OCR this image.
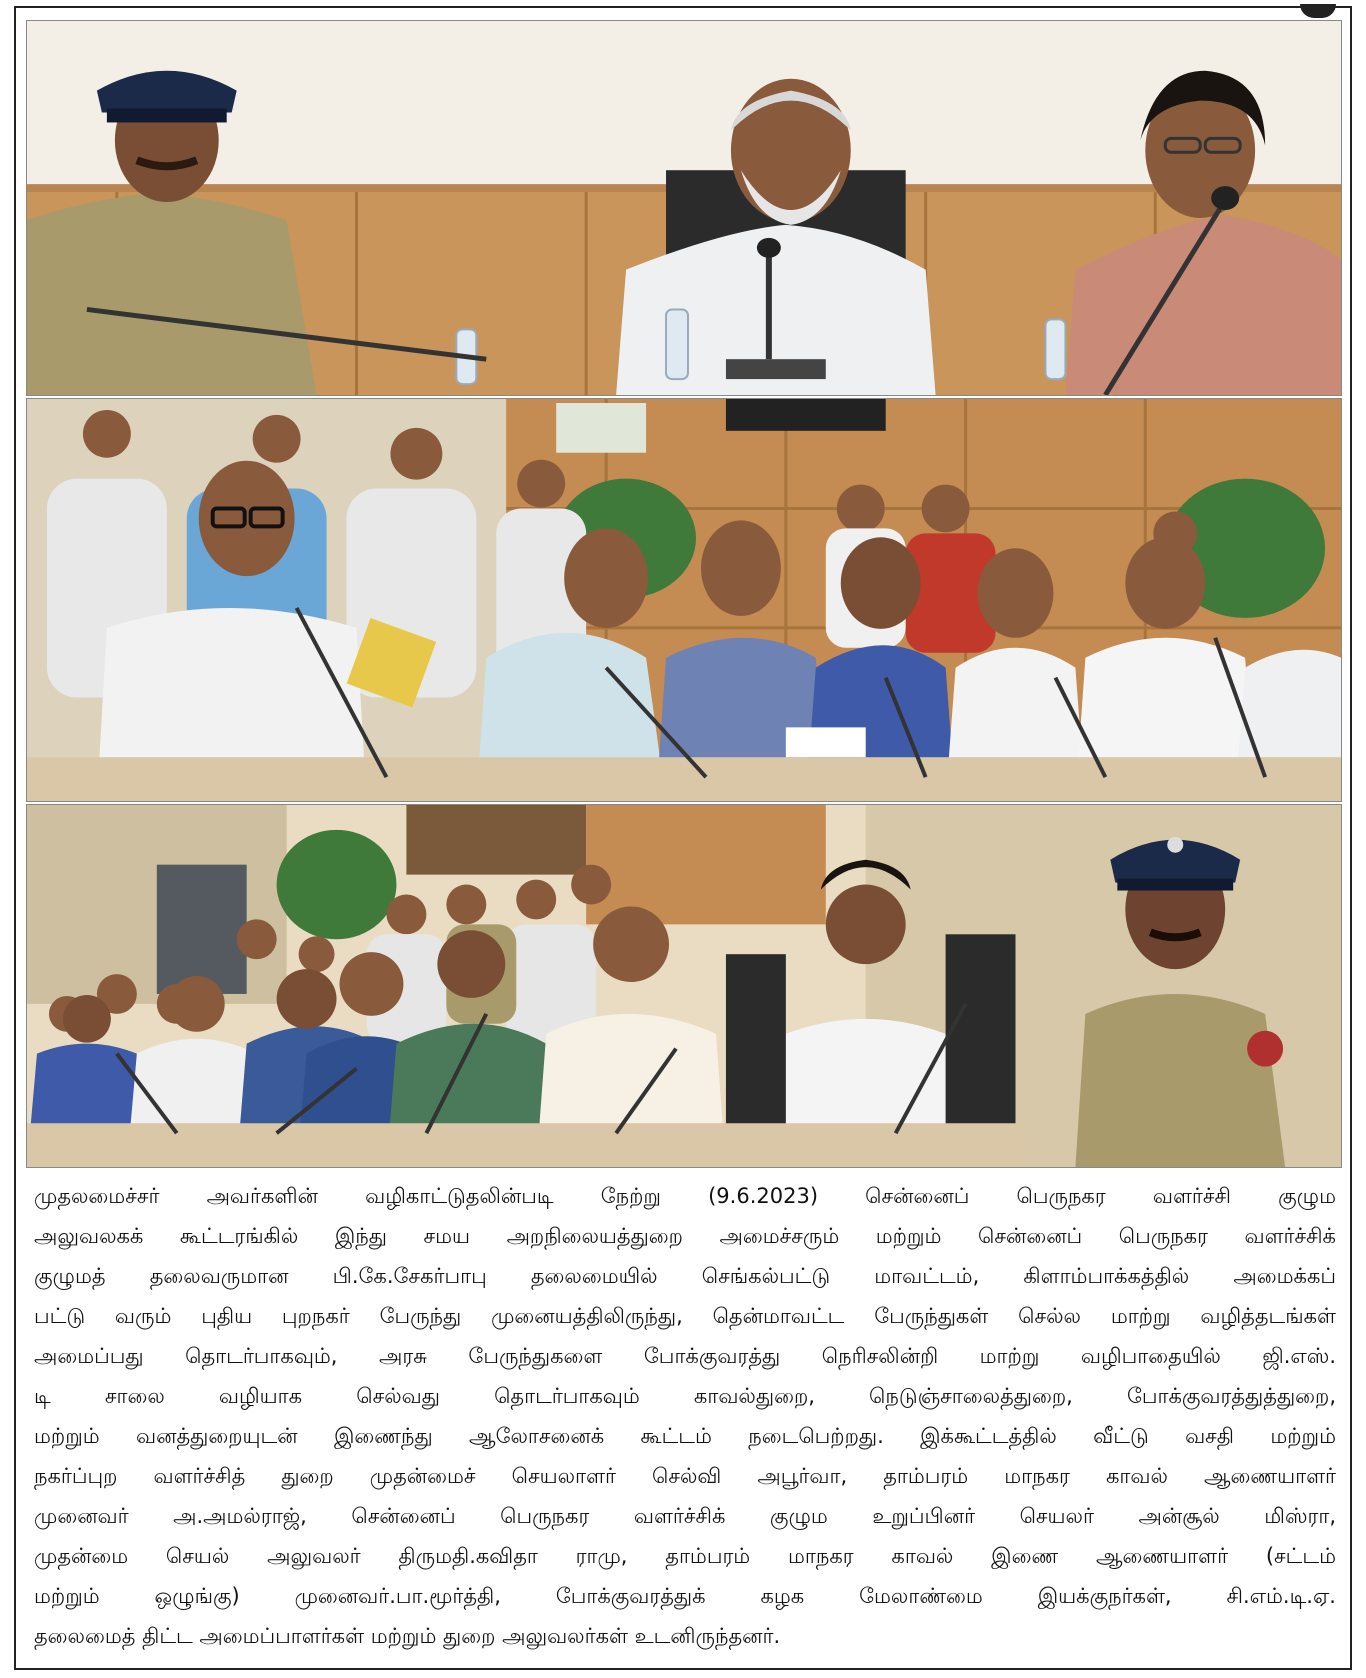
முதலமைச்சர் அவர்களின் வழிகாட்டுதலின்படி நேற்று (9.6.2023) சென்னைப் பெருநகர வளர்ச்சி குழும
அலுவலகக் கூட்டரங்கில் இந்து சமய அறநிலையத்துறை அமைச்சரும் மற்றும் சென்னைப் பெருநகர வளர்ச்சிக்
குழுமத் தலைவருமான பி.கே.சேகர்பாபு தலைமையில் செங்கல்பட்டு மாவட்டம், கிளாம்பாக்கத்தில் அமைக்கப்
பட்டு வரும் புதிய புறநகர் பேருந்து முனையத்திலிருந்து, தென்மாவட்ட பேருந்துகள் செல்ல மாற்று வழித்தடங்கள்
அமைப்பது தொடர்பாகவும், அரசு பேருந்துகளை போக்குவரத்து நெரிசலின்றி மாற்று வழிபாதையில் ஜி.எஸ்.
டி சாலை வழியாக செல்வது தொடர்பாகவும் காவல்துறை, நெடுஞ்சாலைத்துறை, போக்குவரத்துத்துறை,
மற்றும் வனத்துறையுடன் இணைந்து ஆலோசனைக் கூட்டம் நடைபெற்றது. இக்கூட்டத்தில் வீட்டு வசதி மற்றும்
நகர்ப்புற வளர்ச்சித் துறை முதன்மைச் செயலாளர் செல்வி அபூர்வா, தாம்பரம் மாநகர காவல் ஆணையாளர்
முனைவர் அ.அமல்ராஜ், சென்னைப் பெருநகர வளர்ச்சிக் குழும உறுப்பினர் செயலர் அன்சூல் மிஸ்ரா,
முதன்மை செயல் அலுவலர் திருமதி.கவிதா ராமு, தாம்பரம் மாநகர காவல் இணை ஆணையாளர் (சட்டம்
மற்றும் ஒழுங்கு) முனைவர்.பா.மூர்த்தி, போக்குவரத்துக் கழக மேலாண்மை இயக்குநர்கள், சி.எம்.டி.ஏ.
தலைமைத் திட்ட அமைப்பாளர்கள் மற்றும் துறை அலுவலர்கள் உடனிருந்தனர்.
